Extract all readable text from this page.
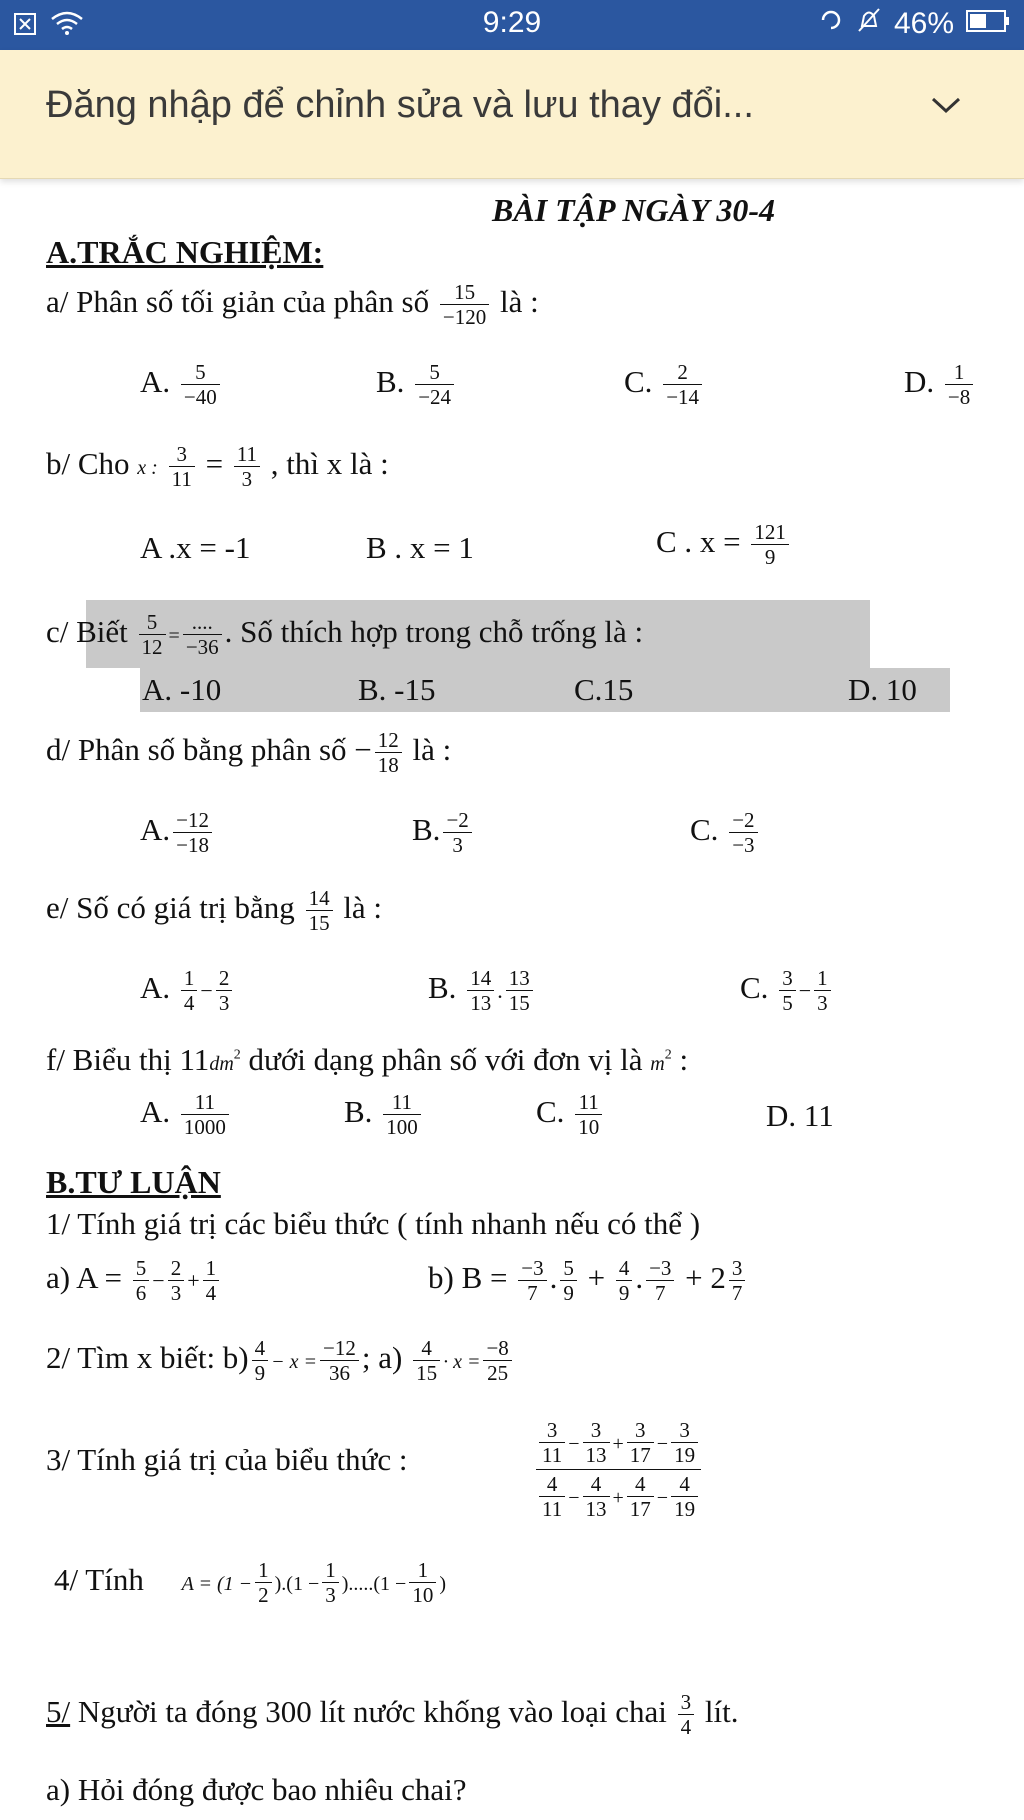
9:29	46%
Đăng nhập để chỉnh sửa và lưu thay đổi...
BÀI TẬP NGÀY 30-4
A.TRẮC NGHIỆM:
a/ Phân số tối giản của phân số $\frac{15}{-120}$ là :
A. $\frac{5}{-40}$	B. $\frac{5}{-24}$	C. $\frac{2}{-14}$	D. $\frac{1}{-8}$
b/ Cho x : $\frac{3}{11} = \frac{11}{3}$ , thì x là :
A .x = -1	B . x = 1	C . $x = \frac{121}{9}$
c/ Biết $\frac{5}{12} = \frac{....}{-36}$ . Số thích hợp trong chỗ trống là :
A. -10	B. -15	C.15	D. 10
d/ Phân số bằng phân số − $\frac{12}{18}$ là :
A. $\frac{-12}{-18}$	B. $\frac{-2}{3}$	C. $\frac{-2}{-3}$
e/ Số có giá trị bằng $\frac{14}{15}$ là :
A. $\frac{1}{4} - \frac{2}{3}$	B. $\frac{14}{13}$ . $\frac{13}{15}$	C. $\frac{3}{5} - \frac{1}{3}$
f/ Biểu thị $11dm^2$ dưới dạng phân số với đơn vị là $m^2$ :
A. $\frac{11}{1000}$	B. $\frac{11}{100}$	C. $\frac{11}{10}$	D. 11
B.TƯ LUẬN
1/ Tính giá trị các biểu thức ( tính nhanh nếu có thể )
a) $A = \frac{5}{6} - \frac{2}{3} + \frac{1}{4}$	b) $B = \frac{-3}{7}$ . $\frac{5}{9} + \frac{4}{9}$ . $\frac{-3}{7} + 2 \frac{3}{7}$
2/ Tìm x biết: $b) \frac{4}{9} - x = \frac{-12}{36}$ ; $a) \frac{4}{15} \cdot x = \frac{-8}{25}$
3/ Tính giá trị của biểu thức :	$\frac{\frac{3}{11} - \frac{3}{13} + \frac{3}{17} - \frac{3}{19}}{\frac{4}{11} - \frac{4}{13} + \frac{4}{17} - \frac{4}{19}}$
4/ Tính $A = (1 - \frac{1}{2} ).(1 - \frac{1}{3} ).....(1 - \frac{1}{10}$ )
5/ Người ta đóng 300 lít nước khống vào loại chai $\frac{3}{4}$ lít.
a) Hỏi đóng được bao nhiêu chai?
